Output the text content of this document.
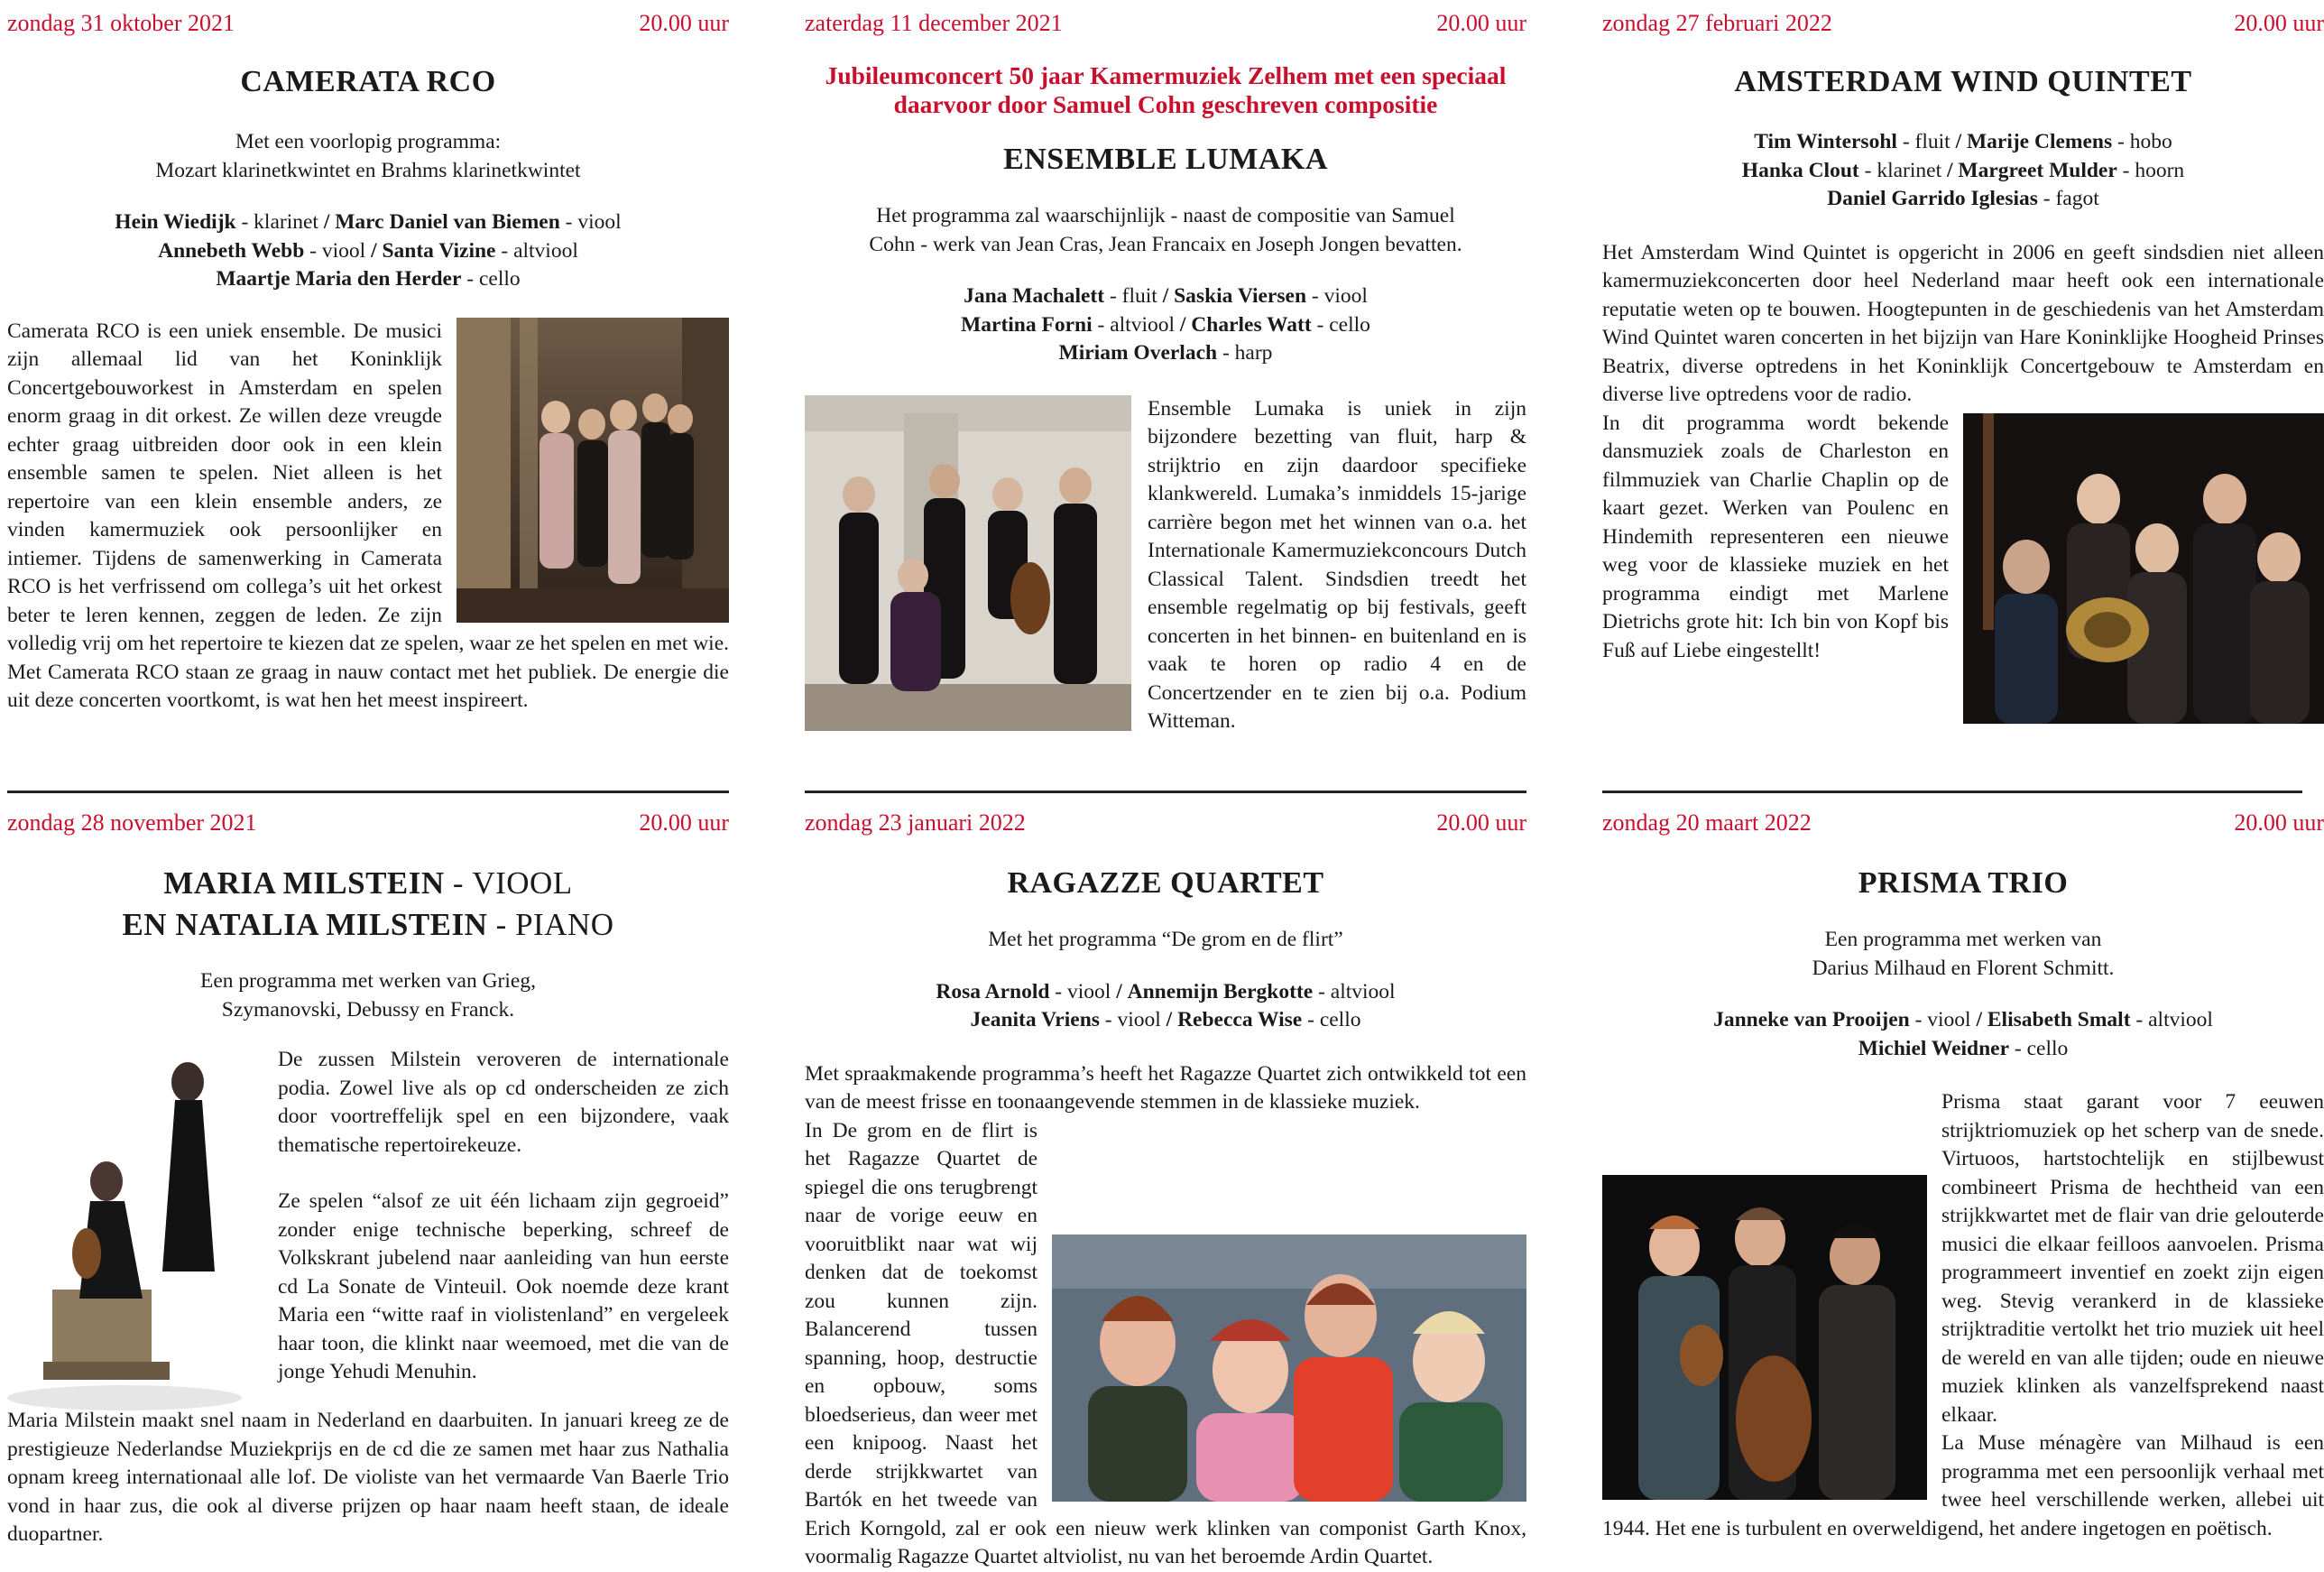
zondag 31 oktober 2021	20.00 uur
CAMERATA RCO
Met een voorlopig programma:
Mozart klarinetkwintet en Brahms klarinetkwintet
Hein Wiedijk - klarinet / Marc Daniel van Biemen - viool
Annebeth Webb - viool / Santa Vizine - altviool
Maartje Maria den Herder - cello

Camerata RCO is een uniek ensemble. De musici zijn allemaal lid van het Koninklijk Concertgebouworkest in Amsterdam en spelen enorm graag in dit orkest. Ze willen deze vreugde echter graag uitbreiden door ook in een klein ensemble samen te spelen. Niet alleen is het repertoire van een klein ensemble anders, ze vinden kamermuziek ook persoonlijker en intiemer. Tijdens de samenwerking in Camerata RCO is het verfrissend om collega’s uit het orkest beter te leren kennen, zeggen de leden. Ze zijn volledig vrij om het repertoire te kiezen dat ze spelen, waar ze het spelen en met wie. Met Camerata RCO staan ze graag in nauw contact met het publiek. De energie die uit deze concerten voortkomt, is wat hen het meest inspireert.

zaterdag 11 december 2021	20.00 uur
Jubileumconcert 50 jaar Kamermuziek Zelhem met een speciaal daarvoor door Samuel Cohn geschreven compositie
ENSEMBLE LUMAKA
Het programma zal waarschijnlijk - naast de compositie van Samuel
Cohn - werk van Jean Cras, Jean Francaix en Joseph Jongen bevatten.
Jana Machalett - fluit / Saskia Viersen - viool
Martina Forni - altviool / Charles Watt - cello
Miriam Overlach - harp

Ensemble Lumaka is uniek in zijn bijzondere bezetting van fluit, harp & strijktrio en zijn daardoor specifieke klankwereld. Lumaka’s inmiddels 15-jarige carrière begon met het winnen van o.a. het Internationale Kamermuziekconcours Dutch Classical Talent. Sindsdien treedt het ensemble regelmatig op bij festivals, geeft concerten in het binnen- en buitenland en is vaak te horen op radio 4 en de Concertzender en te zien bij o.a. Podium Witteman.

zondag 27 februari 2022	20.00 uur
AMSTERDAM WIND QUINTET
Tim Wintersohl - fluit / Marije Clemens - hobo
Hanka Clout - klarinet / Margreet Mulder - hoorn
Daniel Garrido Iglesias - fagot

Het Amsterdam Wind Quintet is opgericht in 2006 en geeft sindsdien niet alleen kamermuziekconcerten door heel Nederland maar heeft ook een internationale reputatie weten op te bouwen. Hoogtepunten in de geschiedenis van het Amsterdam Wind Quintet waren concerten in het bijzijn van Hare Koninklijke Hoogheid Prinses Beatrix, diverse optredens in het Koninklijk Concertgebouw te Amsterdam en diverse live optredens voor de radio.

In dit programma wordt bekende dansmuziek zoals de Charleston en filmmuziek van Charlie Chaplin op de kaart gezet. Werken van Poulenc en Hindemith representeren een nieuwe weg voor de klassieke muziek en het programma eindigt met Marlene Dietrichs grote hit: Ich bin von Kopf bis Fuß auf Liebe eingestellt!

zondag 28 november 2021	20.00 uur
MARIA MILSTEIN - VIOOL
EN NATALIA MILSTEIN - PIANO
Een programma met werken van Grieg,
Szymanovski, Debussy en Franck.

De zussen Milstein veroveren de internationale podia. Zowel live als op cd onderscheiden ze zich door voortreffelijk spel en een bijzondere, vaak thematische repertoirekeuze.

Ze spelen “alsof ze uit één lichaam zijn gegroeid” zonder enige technische beperking, schreef de Volkskrant jubelend naar aanleiding van hun eerste cd La Sonate de Vinteuil. Ook noemde deze krant Maria een “witte raaf in violistenland” en vergeleek haar toon, die klinkt naar weemoed, met die van de jonge Yehudi Menuhin.

Maria Milstein maakt snel naam in Nederland en daarbuiten. In januari kreeg ze de prestigieuze Nederlandse Muziekprijs en de cd die ze samen met haar zus Nathalia opnam kreeg internationaal alle lof. De violiste van het vermaarde Van Baerle Trio vond in haar zus, die ook al diverse prijzen op haar naam heeft staan, de ideale duopartner.

zondag 23 januari 2022	20.00 uur
RAGAZZE QUARTET
Met het programma “De grom en de flirt”
Rosa Arnold - viool / Annemijn Bergkotte - altviool
Jeanita Vriens - viool / Rebecca Wise - cello

Met spraakmakende programma’s heeft het Ragazze Quartet zich ontwikkeld tot een van de meest frisse en toonaangevende stemmen in de klassieke muziek.

In De grom en de flirt is het Ragazze Quartet de spiegel die ons terugbrengt naar de vorige eeuw en vooruitblikt naar wat wij denken dat de toekomst zou kunnen zijn. Balancerend tussen spanning, hoop, destructie en opbouw, soms bloedserieus, dan weer met een knipoog. Naast het derde strijkkwartet van Bartók en het tweede van Erich Korngold, zal er ook een nieuw werk klinken van componist Garth Knox, voormalig Ragazze Quartet altviolist, nu van het beroemde Ardin Quartet.

zondag 20 maart 2022	20.00 uur
PRISMA TRIO
Een programma met werken van
Darius Milhaud en Florent Schmitt.
Janneke van Prooijen - viool / Elisabeth Smalt - altviool
Michiel Weidner - cello

Prisma staat garant voor 7 eeuwen strijktriomuziek op het scherp van de snede. Virtuoos, hartstochtelijk en stijlbewust combineert Prisma de hechtheid van een strijkkwartet met de flair van drie gelouterde musici die elkaar feilloos aanvoelen. Prisma programmeert inventief en zoekt zijn eigen weg. Stevig verankerd in de klassieke strijktraditie vertolkt het trio muziek uit heel de wereld en van alle tijden; oude en nieuwe muziek klinken als vanzelfsprekend naast elkaar.

La Muse ménagère van Milhaud is een programma met een persoonlijk verhaal met twee heel verschillende werken, allebei uit 1944. Het ene is turbulent en overweldigend, het andere ingetogen en poëtisch.
